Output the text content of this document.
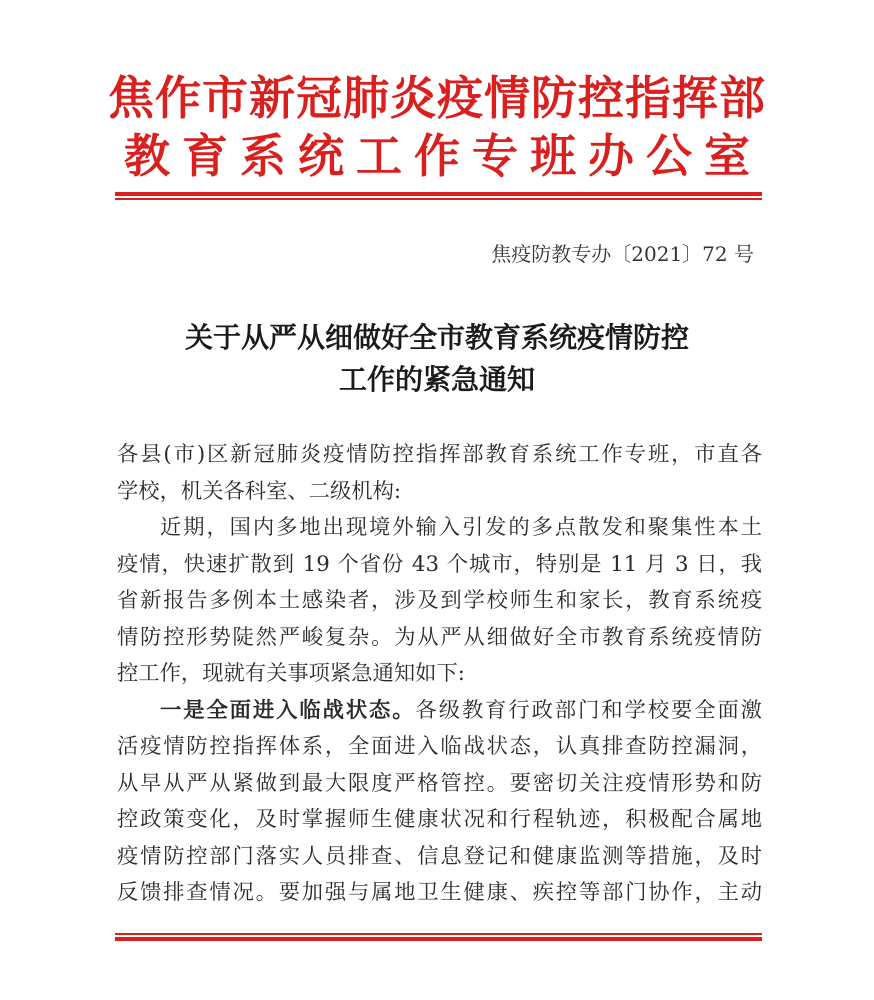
焦作市新冠肺炎疫情防控指挥部
教育系统工作专班办公室
焦疫防教专办〔2021〕72 号
关于从严从细做好全市教育系统疫情防控
工作的紧急通知
各县(市)区新冠肺炎疫情防控指挥部教育系统工作专班，市直各
学校，机关各科室、二级机构:
近期，国内多地出现境外输入引发的多点散发和聚集性本土
疫情，快速扩散到 19 个省份 43 个城市，特别是 11 月 3 日，我
省新报告多例本土感染者，涉及到学校师生和家长，教育系统疫
情防控形势陡然严峻复杂。为从严从细做好全市教育系统疫情防
控工作，现就有关事项紧急通知如下:
一是全面进入临战状态。各级教育行政部门和学校要全面激
活疫情防控指挥体系，全面进入临战状态，认真排查防控漏洞，
从早从严从紧做到最大限度严格管控。要密切关注疫情形势和防
控政策变化，及时掌握师生健康状况和行程轨迹，积极配合属地
疫情防控部门落实人员排查、信息登记和健康监测等措施，及时
反馈排查情况。要加强与属地卫生健康、疾控等部门协作，主动
